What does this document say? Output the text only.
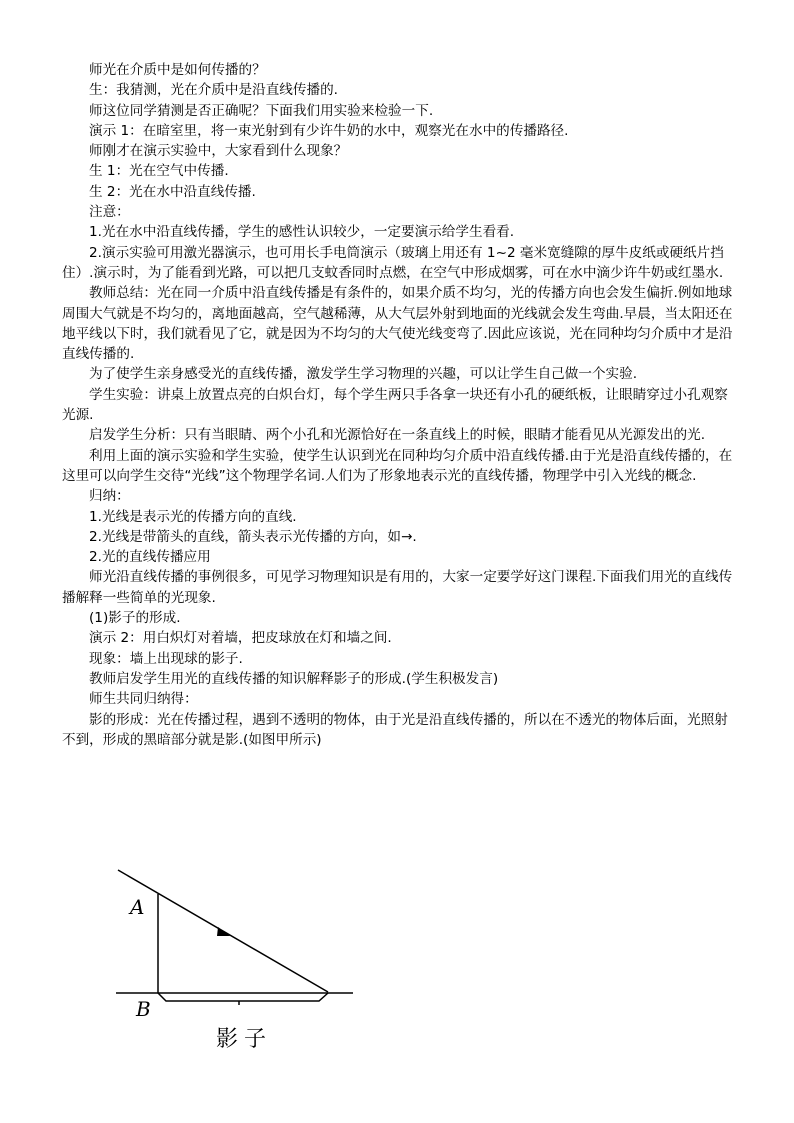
师光在介质中是如何传播的？

生：我猜测，光在介质中是沿直线传播的.

师这位同学猜测是否正确呢？下面我们用实验来检验一下.

演示 1：在暗室里，将一束光射到有少许牛奶的水中，观察光在水中的传播路径.

师刚才在演示实验中，大家看到什么现象？

生 1：光在空气中传播.

生 2：光在水中沿直线传播.

注意：

1.光在水中沿直线传播，学生的感性认识较少，一定要演示给学生看看.

2.演示实验可用激光器演示，也可用长手电筒演示（玻璃上用还有 1~2 毫米宽缝隙的厚牛皮纸或硬纸片挡住）.演示时，为了能看到光路，可以把几支蚊香同时点燃，在空气中形成烟雾，可在水中滴少许牛奶或红墨水.

教师总结：光在同一介质中沿直线传播是有条件的，如果介质不均匀，光的传播方向也会发生偏折.例如地球周围大气就是不均匀的，离地面越高，空气越稀薄，从大气层外射到地面的光线就会发生弯曲.早晨，当太阳还在地平线以下时，我们就看见了它，就是因为不均匀的大气使光线变弯了.因此应该说，光在同种均匀介质中才是沿直线传播的.

为了使学生亲身感受光的直线传播，激发学生学习物理的兴趣，可以让学生自己做一个实验.

学生实验：讲桌上放置点亮的白炽台灯，每个学生两只手各拿一块还有小孔的硬纸板，让眼睛穿过小孔观察光源.

启发学生分析：只有当眼睛、两个小孔和光源恰好在一条直线上的时候，眼睛才能看见从光源发出的光.

利用上面的演示实验和学生实验，使学生认识到光在同种均匀介质中沿直线传播.由于光是沿直线传播的，在这里可以向学生交待“光线”这个物理学名词.人们为了形象地表示光的直线传播，物理学中引入光线的概念.

归纳：

1.光线是表示光的传播方向的直线.

2.光线是带箭头的直线，箭头表示光传播的方向，如→.

2.光的直线传播应用

师光沿直线传播的事例很多，可见学习物理知识是有用的，大家一定要学好这门课程.下面我们用光的直线传播解释一些简单的光现象.

(1)影子的形成.

演示 2：用白炽灯对着墙，把皮球放在灯和墙之间.

现象：墙上出现球的影子.

教师启发学生用光的直线传播的知识解释影子的形成.(学生积极发言)

师生共同归纳得：

影的形成：光在传播过程，遇到不透明的物体，由于光是沿直线传播的，所以在不透光的物体后面，光照射不到，形成的黑暗部分就是影.(如图甲所示)

A
B
影子
